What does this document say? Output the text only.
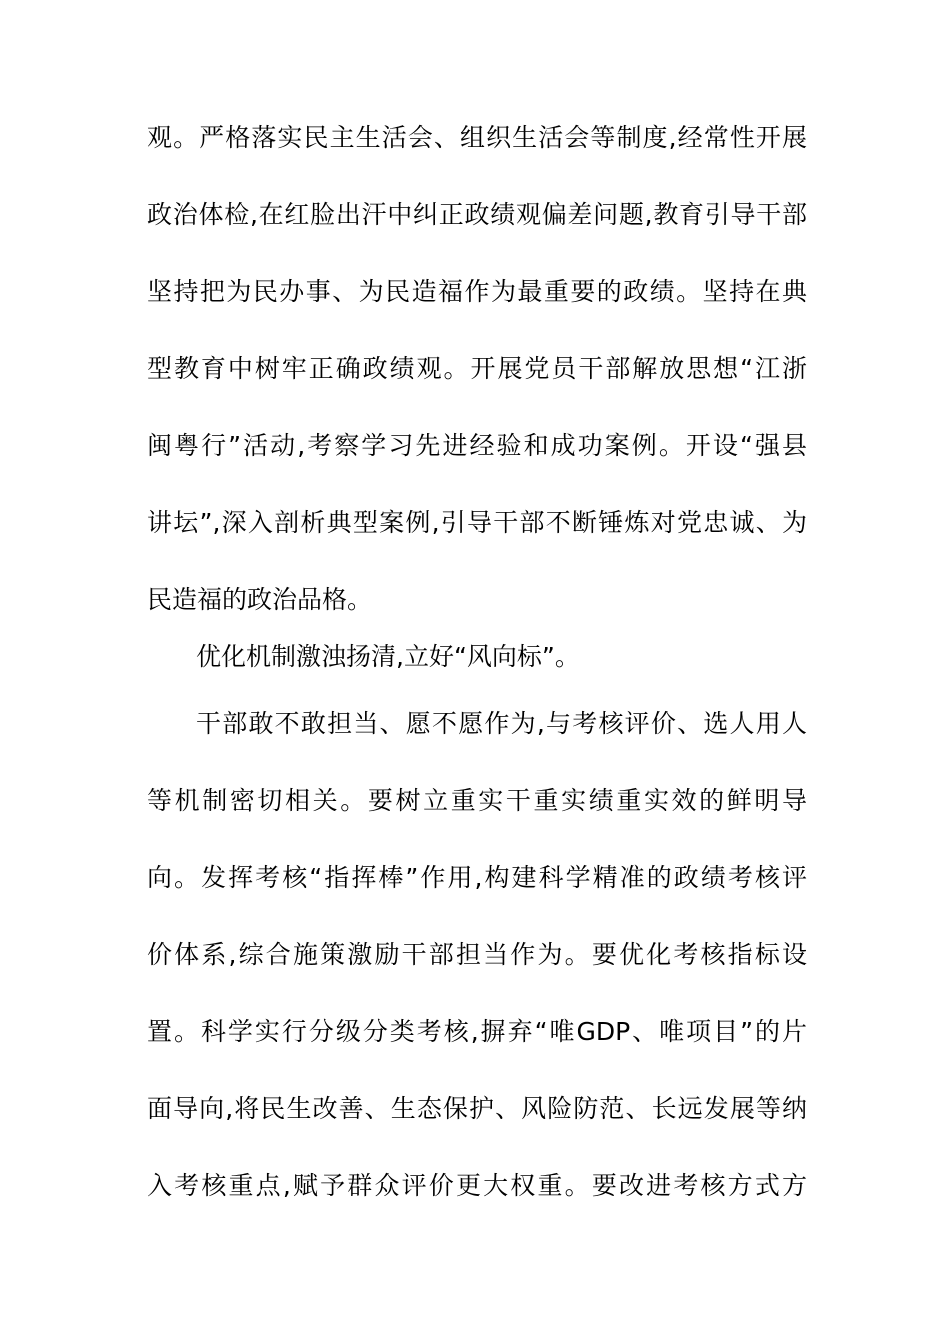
观。严格落实民主生活会、组织生活会等制度,经常性开展
政治体检,在红脸出汗中纠正政绩观偏差问题,教育引导干部
坚持把为民办事、为民造福作为最重要的政绩。坚持在典
型教育中树牢正确政绩观。开展党员干部解放思想“江浙
闽粤行”活动,考察学习先进经验和成功案例。开设“强县
讲坛”,深入剖析典型案例,引导干部不断锤炼对党忠诚、为
民造福的政治品格。
优化机制激浊扬清,立好“风向标”。
干部敢不敢担当、愿不愿作为,与考核评价、选人用人
等机制密切相关。要树立重实干重实绩重实效的鲜明导
向。发挥考核“指挥棒”作用,构建科学精准的政绩考核评
价体系,综合施策激励干部担当作为。要优化考核指标设
置。科学实行分级分类考核,摒弃“唯GDP、唯项目”的片
面导向,将民生改善、生态保护、风险防范、长远发展等纳
入考核重点,赋予群众评价更大权重。要改进考核方式方
